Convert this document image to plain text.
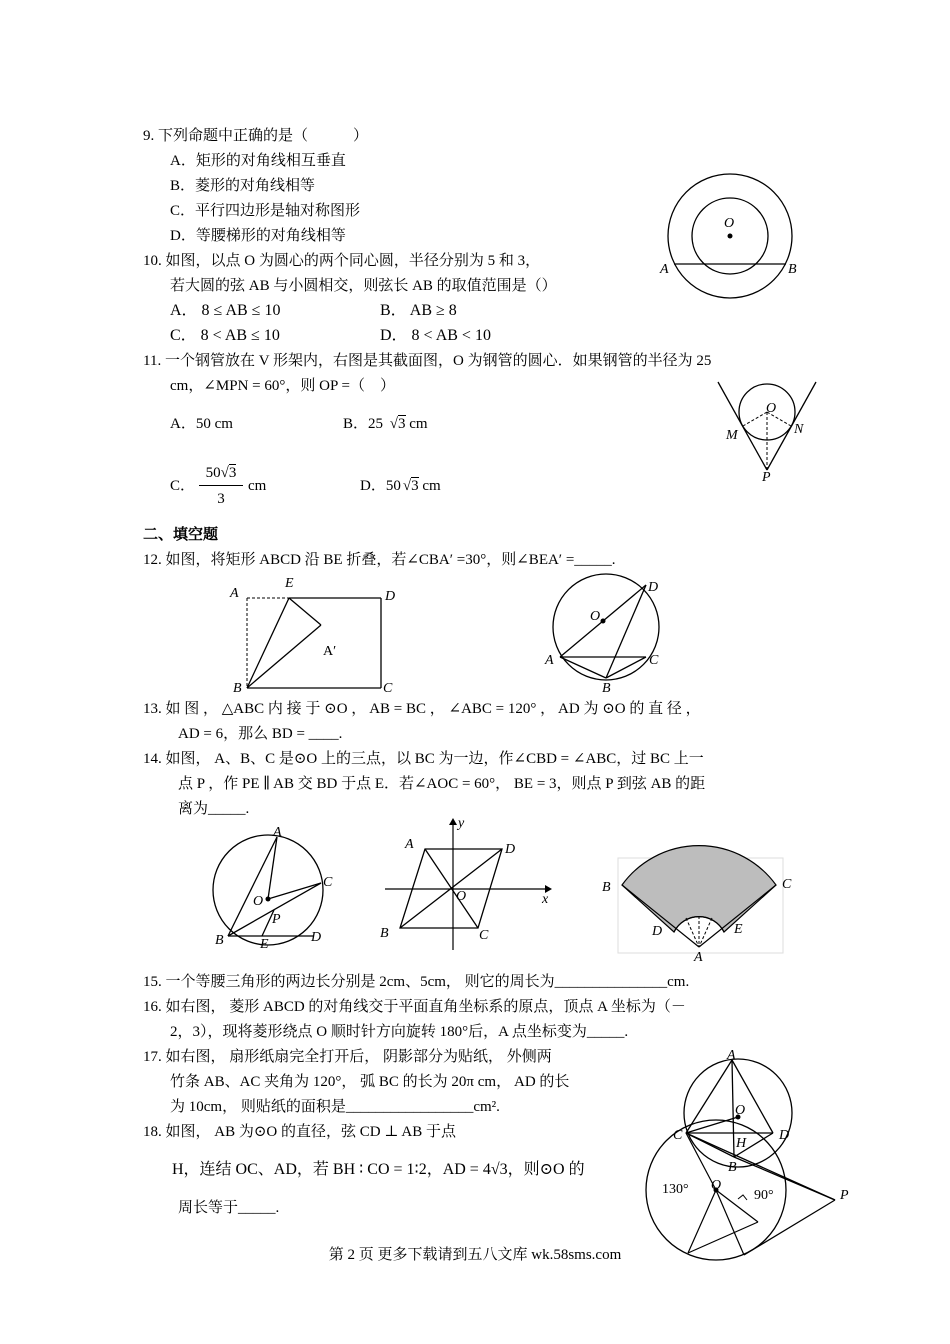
9. 下列命题中正确的是（　　　）
A．矩形的对角线相互垂直
B．菱形的对角线相等
C．平行四边形是轴对称图形
D．等腰梯形的对角线相等
O
A	B
10. 如图，以点 O 为圆心的两个同心圆，半径分别为 5 和 3，
若大圆的弦 AB 与小圆相交，则弦长 AB 的取值范围是（）
A． 8 ≤ AB ≤ 10	B． AB ≥ 8
C． 8 < AB ≤ 10	D． 8 < AB < 10
11. 一个钢管放在 V 形架内，右图是其截面图，O 为钢管的圆心．如果钢管的半径为 25
cm，∠MPN = 60°，则 OP =（　）
A．50 cm	B．25 √3 cm
C．
50√3
3
cm	D．50 √3 cm
O
M	N
P
二、填空题
12. 如图，将矩形 ABCD 沿 BE 折叠，若∠CBA′ =30°，则∠BEA′ =_____.
A
E
D
B	C
A′
O
D
A	C
B
13. 如 图 ， △ABC 内 接 于 ⊙O ， AB = BC ， ∠ABC = 120° ， AD 为 ⊙O 的 直 径 ，
AD = 6，那么 BD = ____.
14. 如图， A、B、C 是⊙O 上的三点，以 BC 为一边，作∠CBD = ∠ABC，过 BC 上一
点 P ，作 PE ∥ AB 交 BD 于点 E．若∠AOC = 60°， BE = 3，则点 P 到弦 AB 的距
离为_____.
A
C
O
P
B	E	D
y
x
A	D
O
B	C
B	C
D	E
A
15. 一个等腰三角形的两边长分别是 2cm、5cm， 则它的周长为_______________cm.
16. 如右图， 菱形 ABCD 的对角线交于平面直角坐标系的原点，顶点 A 坐标为（－
2，3），现将菱形绕点 O 顺时针方向旋转 180°后，A 点坐标变为_____.
17. 如右图， 扇形纸扇完全打开后， 阴影部分为贴纸， 外侧两
竹条 AB、AC 夹角为 120°， 弧 BC 的长为 20π cm， AD 的长
为 10cm， 则贴纸的面积是_________________cm².
18. 如图， AB 为⊙O 的直径，弦 CD ⊥ AB 于点
H，连结 OC、AD，若 BH ∶ CO = 1∶2，AD = 4√3，则⊙O 的
周长等于_____.
A
O
C
H
D
B
130° O
90°	P
第 2 页 更多下载请到五八文库 wk.58sms.com
